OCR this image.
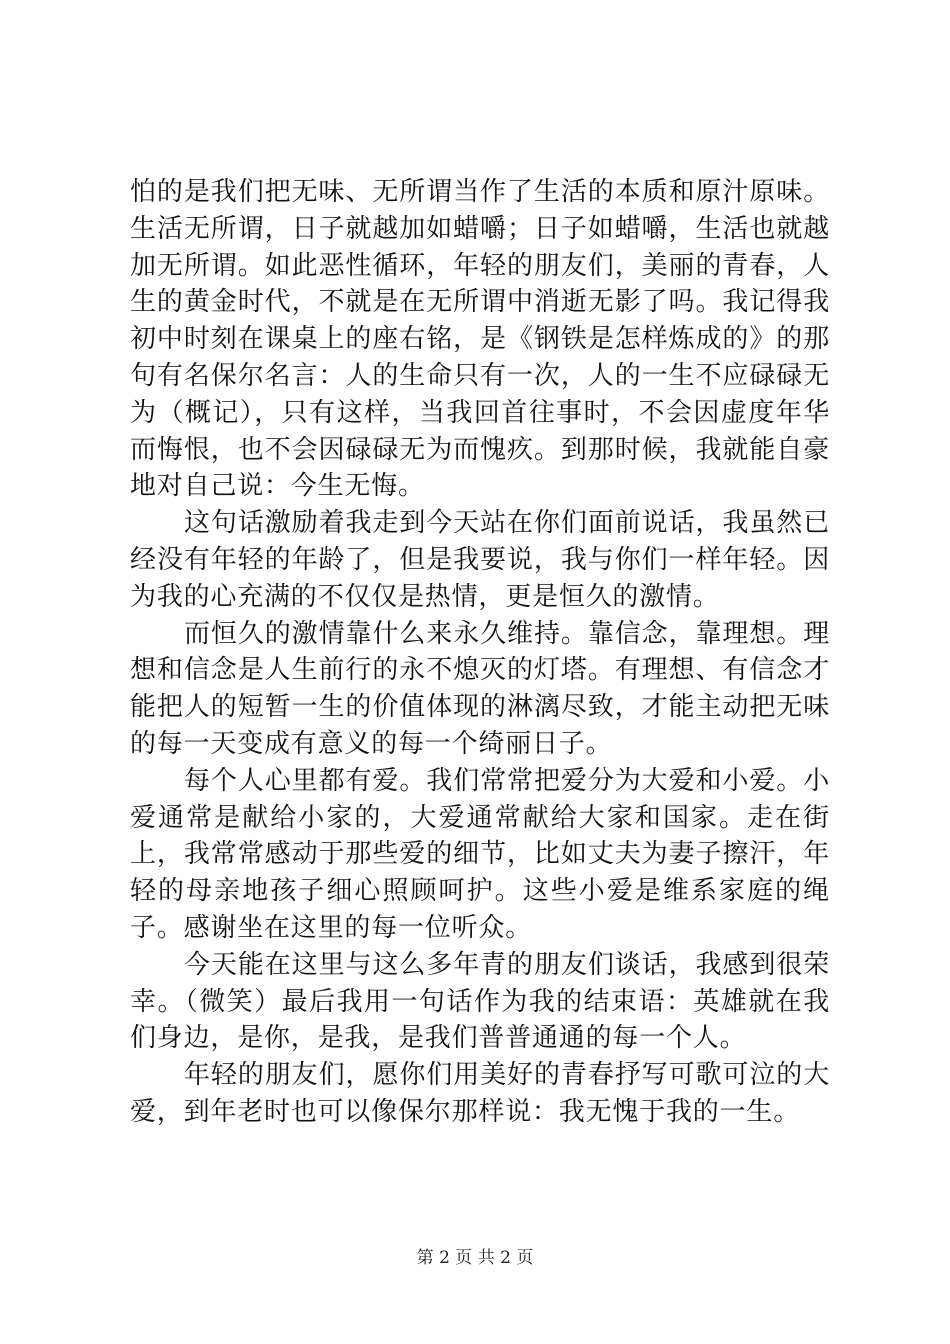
怕的是我们把无味、无所谓当作了生活的本质和原汁原味。生活无所谓，日子就越加如蜡嚼；日子如蜡嚼，生活也就越加无所谓。如此恶性循环，年轻的朋友们，美丽的青春，人生的黄金时代，不就是在无所谓中消逝无影了吗。我记得我初中时刻在课桌上的座右铭，是《钢铁是怎样炼成的》的那句有名保尔名言：人的生命只有一次，人的一生不应碌碌无为（概记），只有这样，当我回首往事时，不会因虚度年华而悔恨，也不会因碌碌无为而愧疚。到那时候，我就能自豪地对自己说：今生无悔。

这句话激励着我走到今天站在你们面前说话，我虽然已经没有年轻的年龄了，但是我要说，我与你们一样年轻。因为我的心充满的不仅仅是热情，更是恒久的激情。

而恒久的激情靠什么来永久维持。靠信念，靠理想。理想和信念是人生前行的永不熄灭的灯塔。有理想、有信念才能把人的短暂一生的价值体现的淋漓尽致，才能主动把无味的每一天变成有意义的每一个绮丽日子。

每个人心里都有爱。我们常常把爱分为大爱和小爱。小爱通常是献给小家的，大爱通常献给大家和国家。走在街上，我常常感动于那些爱的细节，比如丈夫为妻子擦汗，年轻的母亲地孩子细心照顾呵护。这些小爱是维系家庭的绳子。感谢坐在这里的每一位听众。

今天能在这里与这么多年青的朋友们谈话，我感到很荣幸。（微笑）最后我用一句话作为我的结束语：英雄就在我们身边，是你，是我，是我们普普通通的每一个人。

年轻的朋友们，愿你们用美好的青春抒写可歌可泣的大爱，到年老时也可以像保尔那样说：我无愧于我的一生。

第 2 页 共 2 页
